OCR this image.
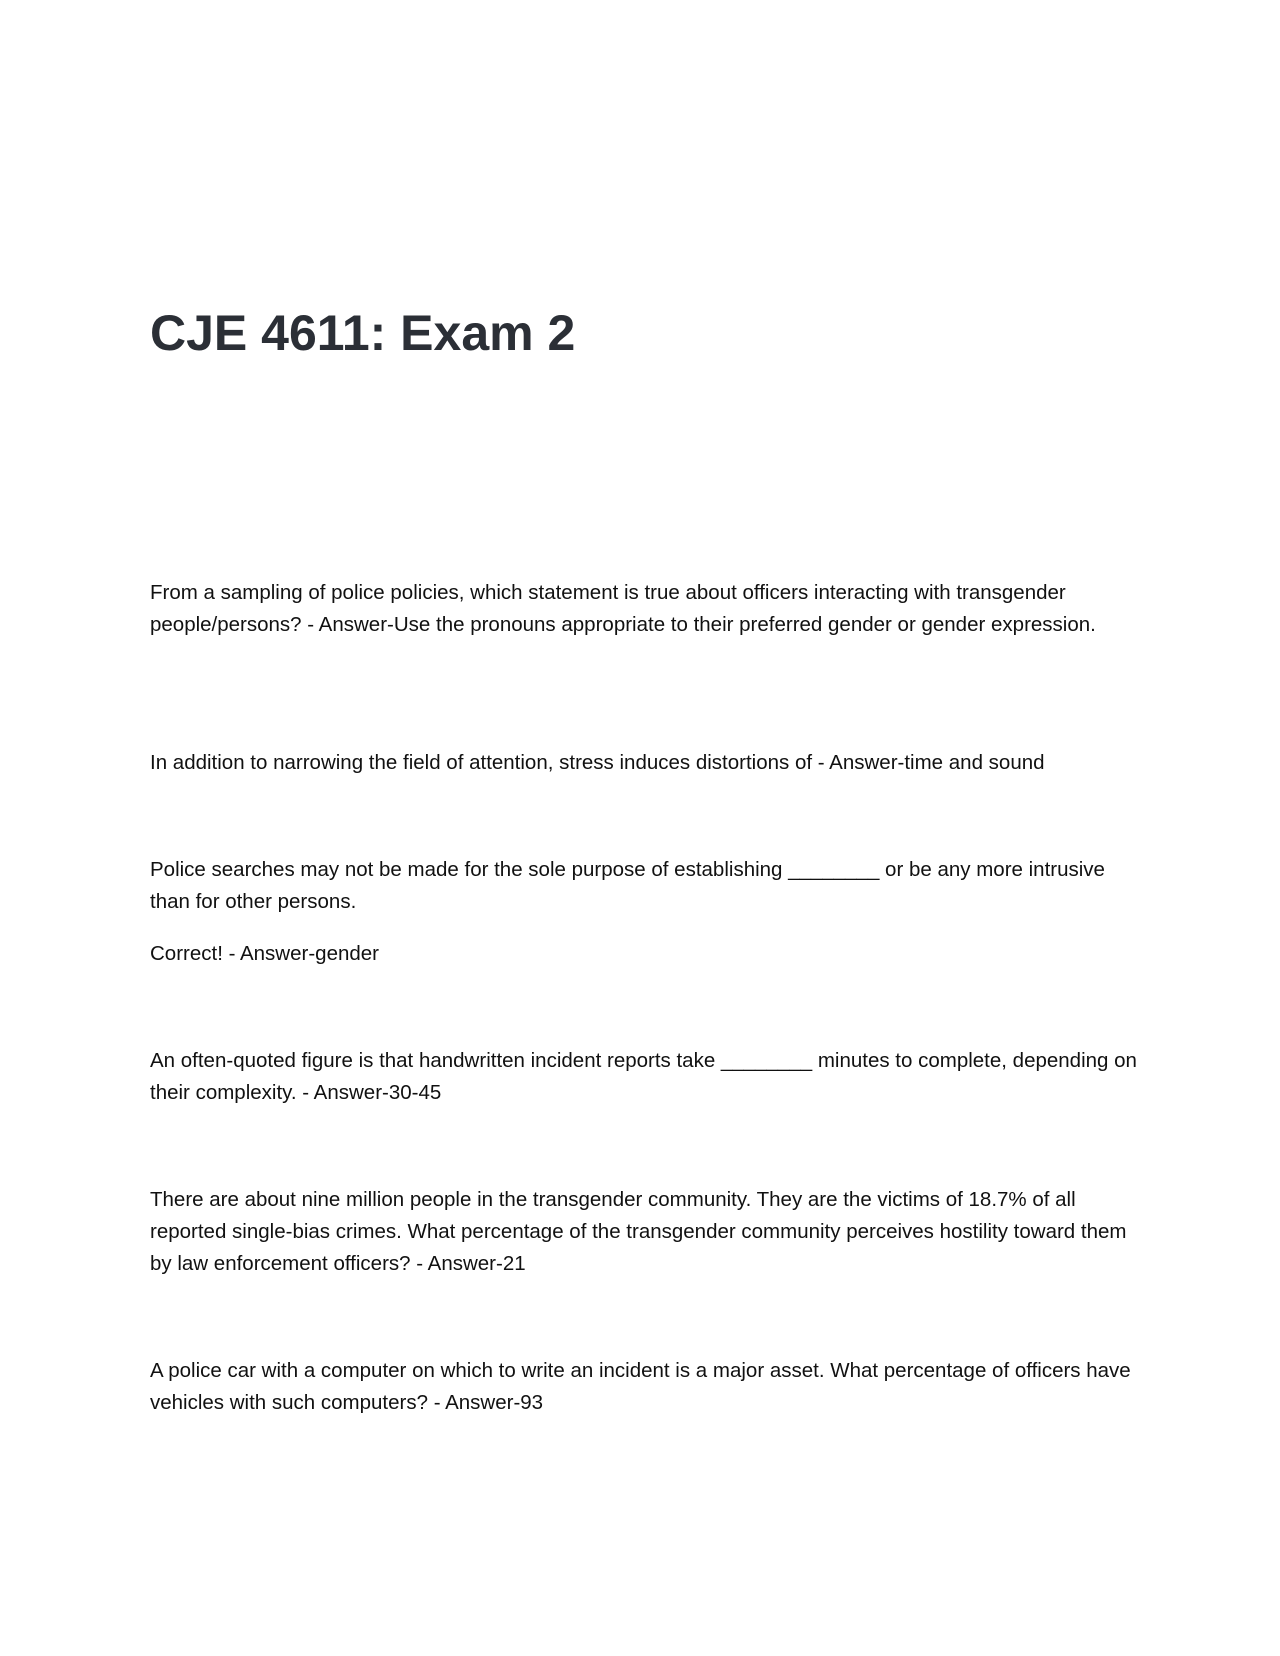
CJE 4611: Exam 2

From a sampling of police policies, which statement is true about officers interacting with transgender people/persons? - Answer-Use the pronouns appropriate to their preferred gender or gender expression.

In addition to narrowing the field of attention, stress induces distortions of - Answer-time and sound

Police searches may not be made for the sole purpose of establishing ________ or be any more intrusive than for other persons.

Correct! - Answer-gender

An often-quoted figure is that handwritten incident reports take ________ minutes to complete, depending on their complexity. - Answer-30-45

There are about nine million people in the transgender community. They are the victims of 18.7% of all reported single-bias crimes. What percentage of the transgender community perceives hostility toward them by law enforcement officers? - Answer-21

A police car with a computer on which to write an incident is a major asset. What percentage of officers have vehicles with such computers? - Answer-93
